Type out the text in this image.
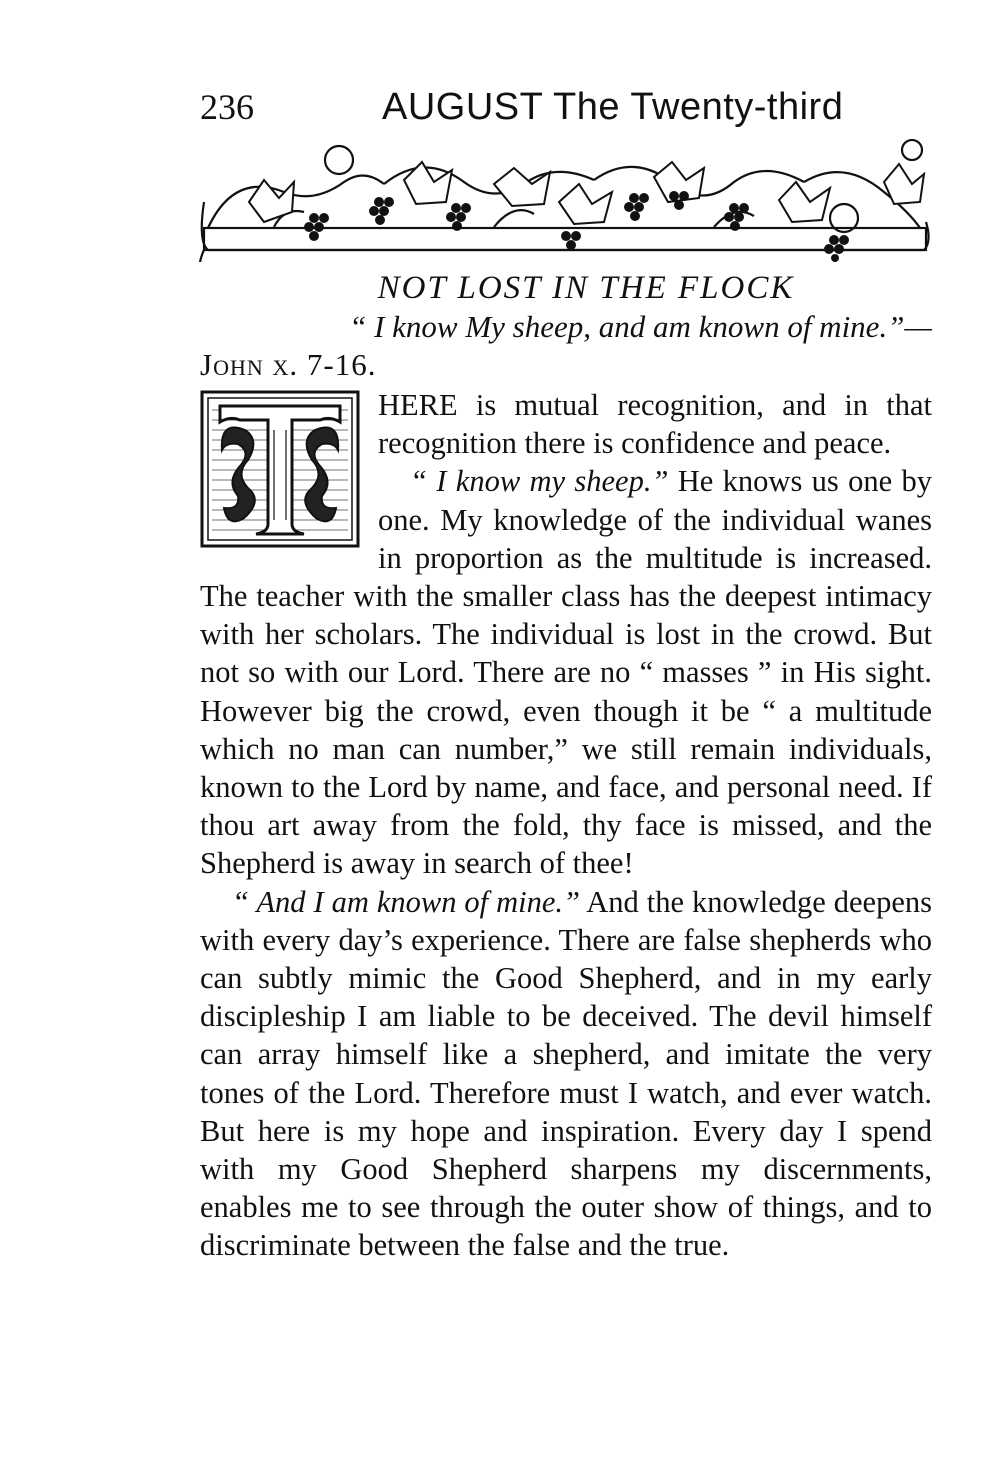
236	AUGUST The Twenty-third
NOT LOST IN THE FLOCK
“ I know My sheep, and am known of mine.”—
John x. 7-16.

HERE is mutual recognition, and in that recognition there is confidence and peace.

“ I know my sheep.” He knows us one by one. My knowledge of the individual wanes in proportion as the multitude is increased. The teacher with the smaller class has the deepest intimacy with her scholars. The individual is lost in the crowd. But not so with our Lord. There are no “ masses ” in His sight. However big the crowd, even though it be “ a multitude which no man can number,” we still remain individuals, known to the Lord by name, and face, and personal need. If thou art away from the fold, thy face is missed, and the Shepherd is away in search of thee!

“ And I am known of mine.” And the knowledge deepens with every day’s experience. There are false shepherds who can subtly mimic the Good Shepherd, and in my early discipleship I am liable to be deceived. The devil himself can array himself like a shepherd, and imitate the very tones of the Lord. Therefore must I watch, and ever watch. But here is my hope and inspiration. Every day I spend with my Good Shepherd sharpens my discernments, enables me to see through the outer show of things, and to discriminate between the false and the true.
